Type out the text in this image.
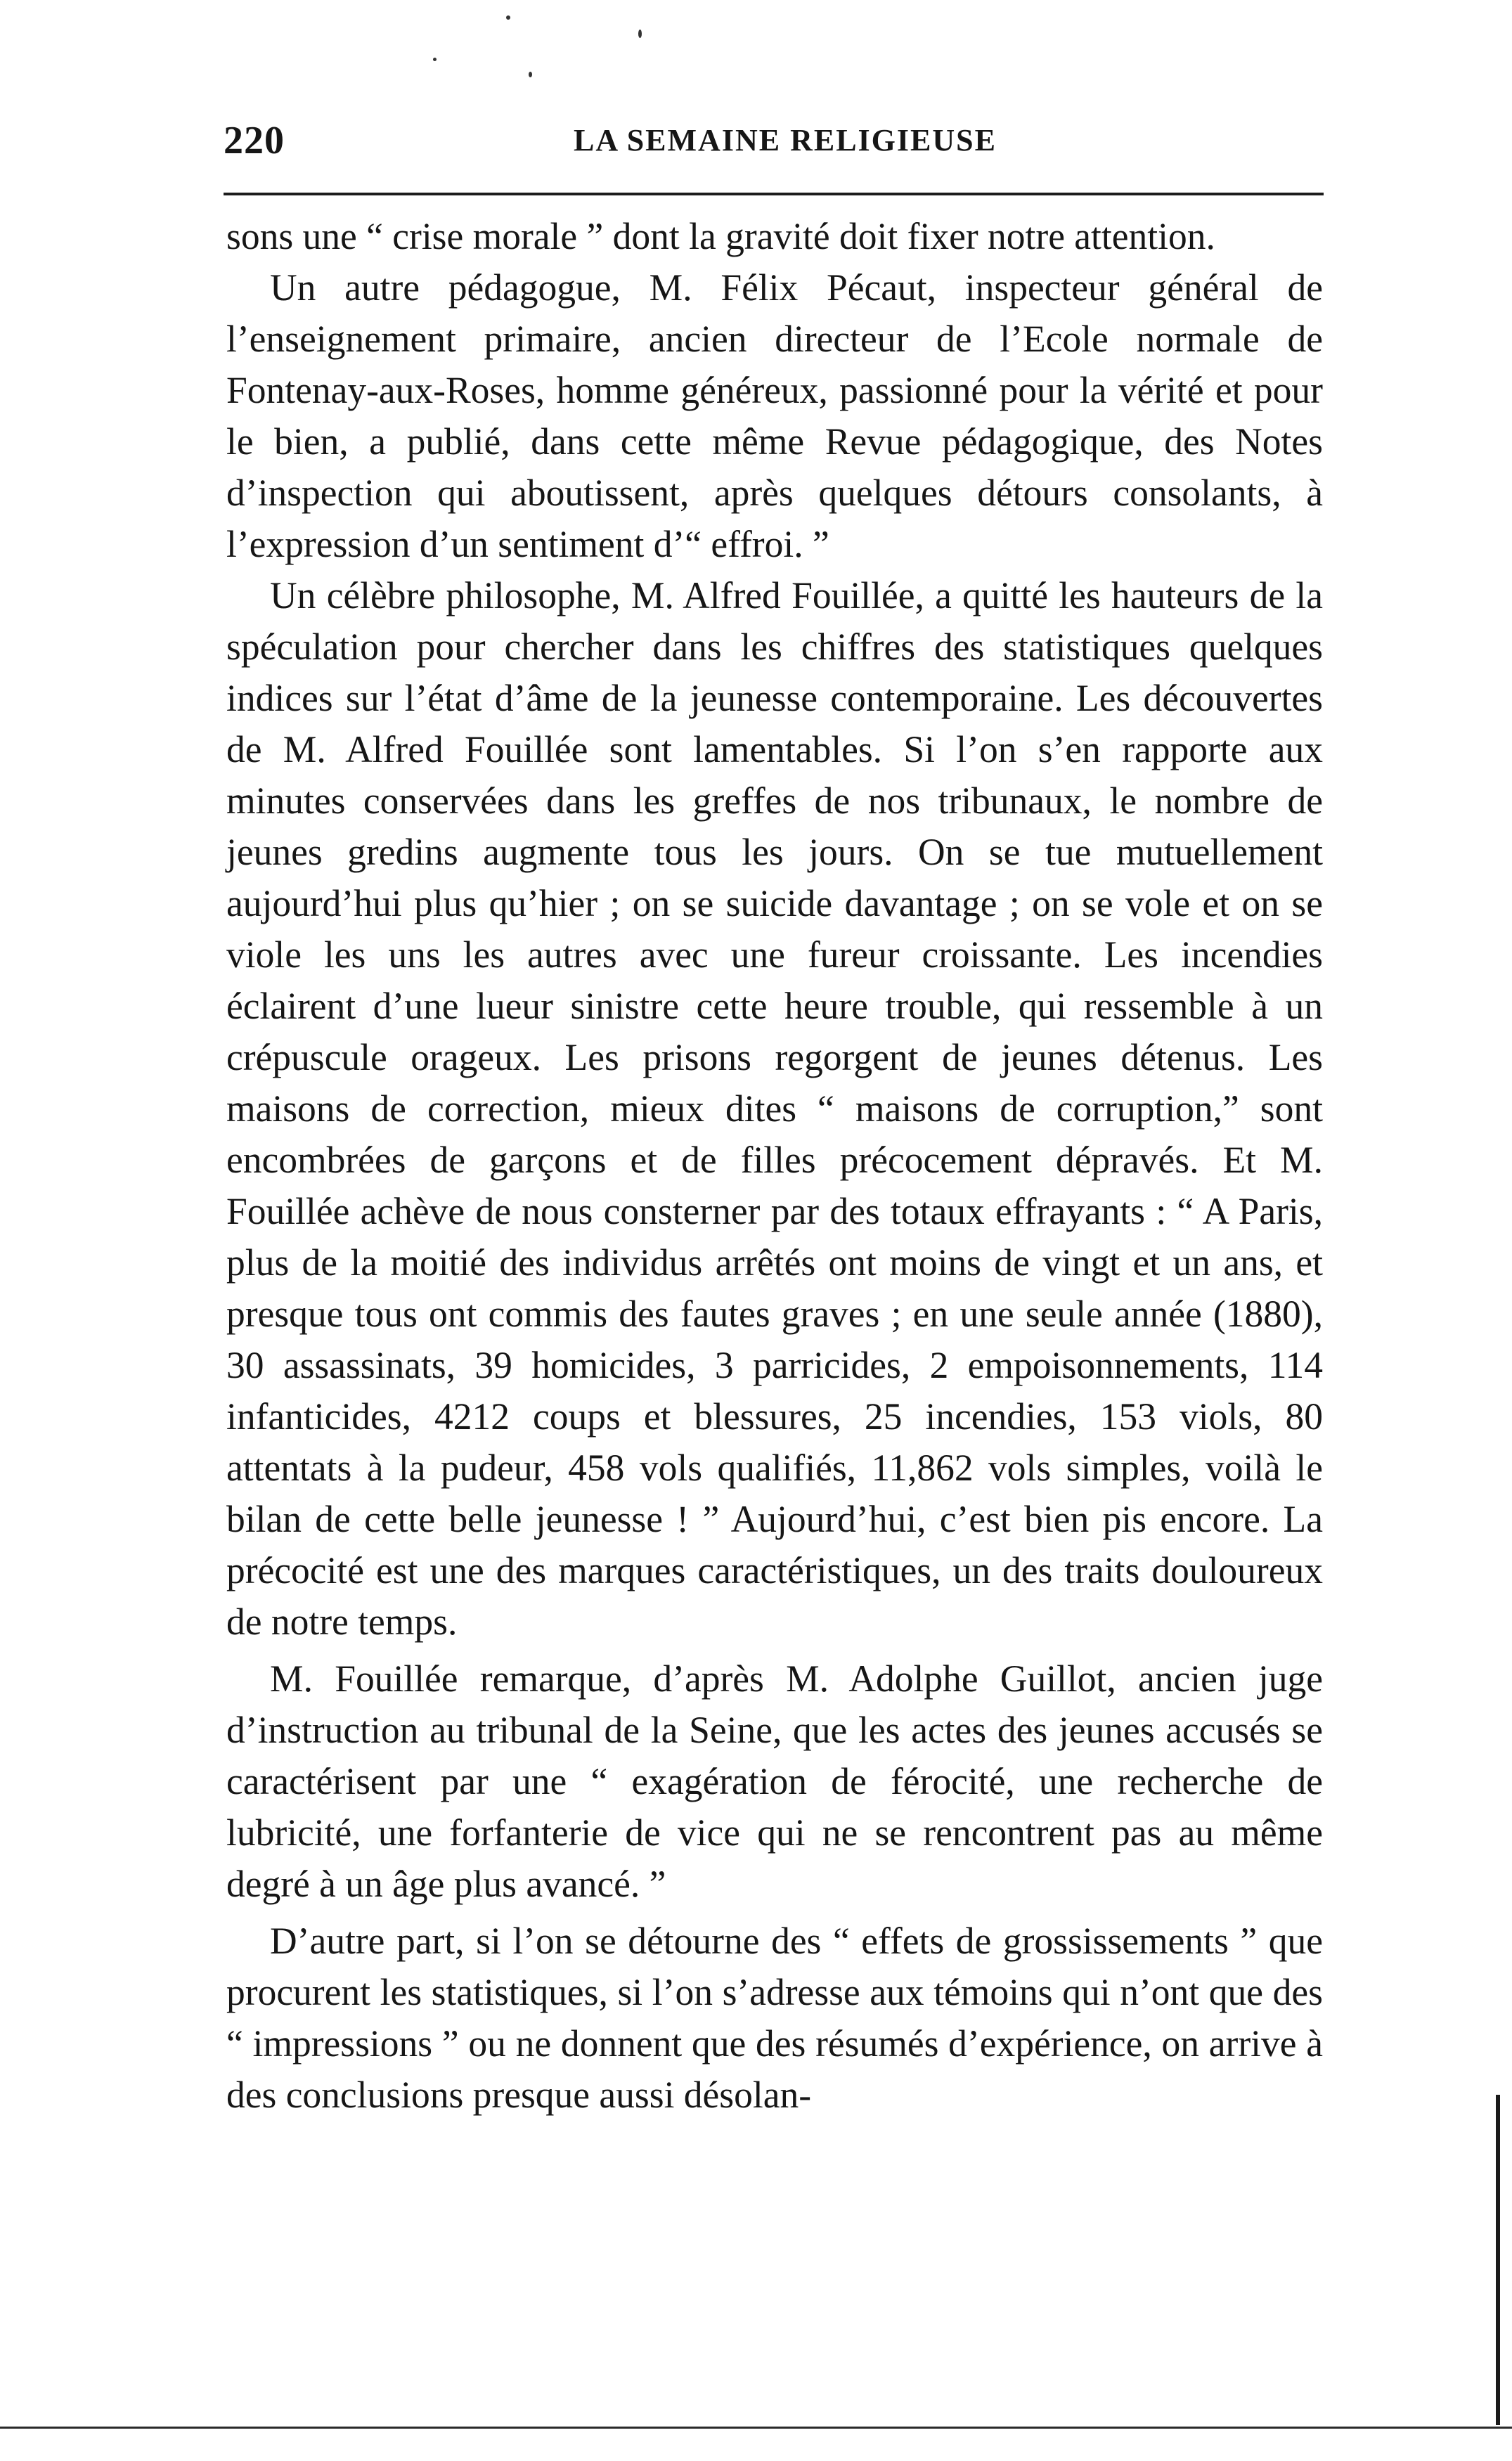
220	LA SEMAINE RELIGIEUSE

sons une “ crise morale ” dont la gravité doit fixer notre attention.

Un autre pédagogue, M. Félix Pécaut, inspecteur général de l’enseignement primaire, ancien directeur de l’Ecole normale de Fontenay-aux-Roses, homme généreux, passionné pour la vérité et pour le bien, a publié, dans cette même Revue pédagogique, des Notes d’inspection qui aboutissent, après quelques détours consolants, à l’expression d’un sentiment d’“ effroi. ”

Un célèbre philosophe, M. Alfred Fouillée, a quitté les hauteurs de la spéculation pour chercher dans les chiffres des statistiques quelques indices sur l’état d’âme de la jeunesse contemporaine. Les découvertes de M. Alfred Fouillée sont lamentables. Si l’on s’en rapporte aux minutes conservées dans les greffes de nos tribunaux, le nombre de jeunes gredins augmente tous les jours. On se tue mutuellement aujourd’hui plus qu’hier ; on se suicide davantage ; on se vole et on se viole les uns les autres avec une fureur croissante. Les incendies éclairent d’une lueur sinistre cette heure trouble, qui ressemble à un crépuscule orageux. Les prisons regorgent de jeunes détenus. Les maisons de correction, mieux dites “ maisons de corruption,” sont encombrées de garçons et de filles précocement dépravés. Et M. Fouillée achève de nous consterner par des totaux effrayants : “ A Paris, plus de la moitié des individus arrêtés ont moins de vingt et un ans, et presque tous ont commis des fautes graves ; en une seule année (1880), 30 assassinats, 39 homicides, 3 parricides, 2 empoisonnements, 114 infanticides, 4212 coups et blessures, 25 incendies, 153 viols, 80 attentats à la pudeur, 458 vols qualifiés, 11,862 vols simples, voilà le bilan de cette belle jeunesse ! ” Aujourd’hui, c’est bien pis encore. La précocité est une des marques caractéristiques, un des traits douloureux de notre temps.

M. Fouillée remarque, d’après M. Adolphe Guillot, ancien juge d’instruction au tribunal de la Seine, que les actes des jeunes accusés se caractérisent par une “ exagération de férocité, une recherche de lubricité, une forfanterie de vice qui ne se rencontrent pas au même degré à un âge plus avancé. ”

D’autre part, si l’on se détourne des “ effets de grossissements ” que procurent les statistiques, si l’on s’adresse aux témoins qui n’ont que des “ impressions ” ou ne donnent que des résumés d’expérience, on arrive à des conclusions presque aussi désolan-
